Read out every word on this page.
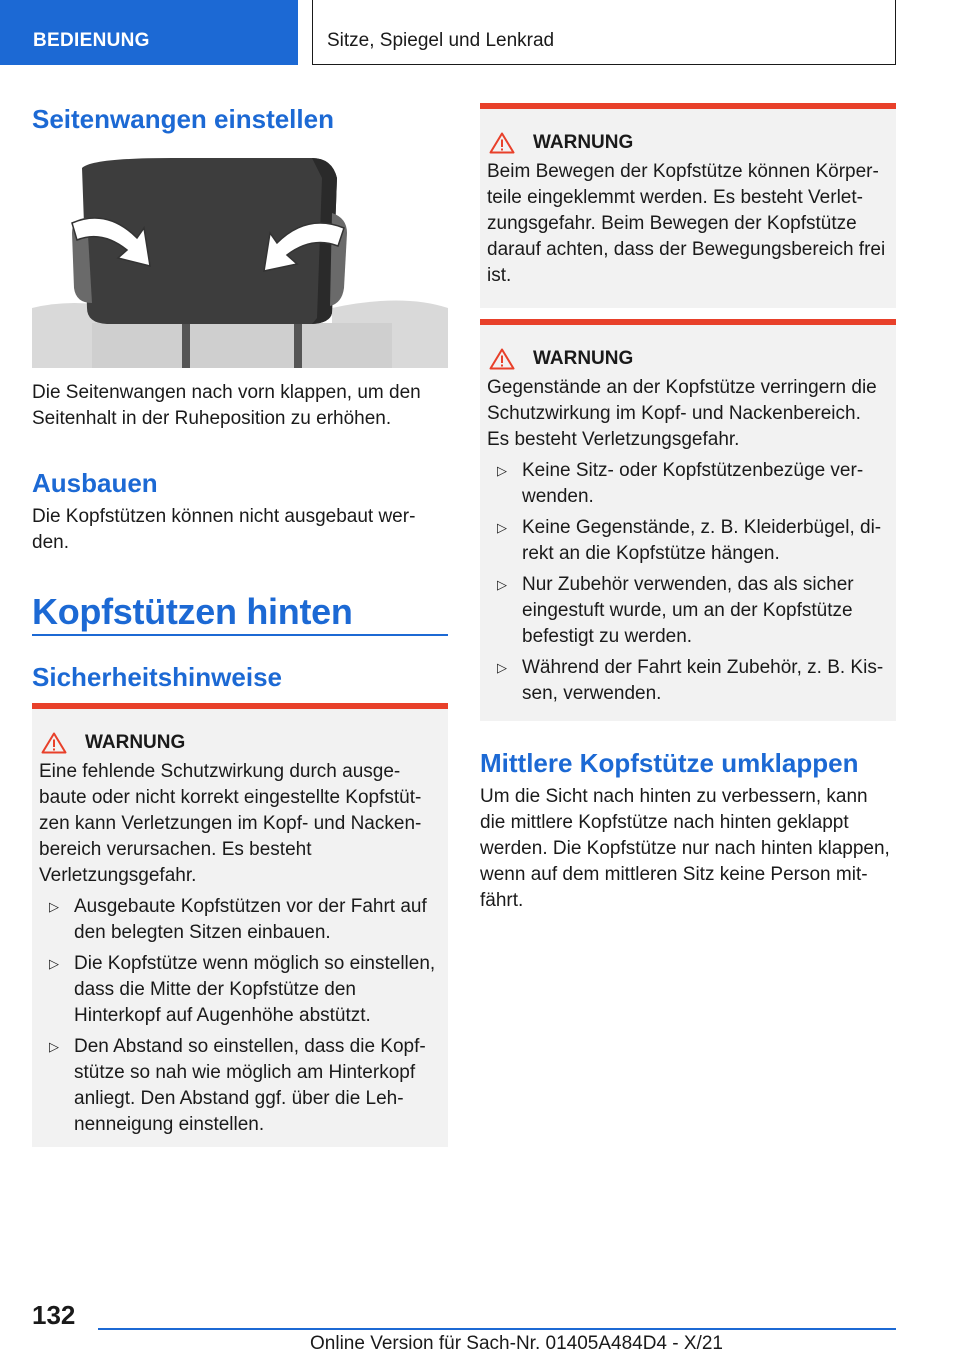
BEDIENUNG	Sitze, Spiegel und Lenkrad
Seitenwangen einstellen

Die Seitenwangen nach vorn klappen, um den Seitenhalt in der Ruheposition zu erhöhen.

Ausbauen

Die Kopfstützen können nicht ausgebaut werden.

Kopfstützen hinten
Sicherheitshinweise
WARNUNG

Eine fehlende Schutzwirkung durch ausgebaute oder nicht korrekt eingestellte Kopfstützen kann Verletzungen im Kopf- und Nackenbereich verursachen. Es besteht Verletzungsgefahr.

▷ Ausgebaute Kopfstützen vor der Fahrt auf den belegten Sitzen einbauen.
▷ Die Kopfstütze wenn möglich so einstellen, dass die Mitte der Kopfstütze den Hinterkopf auf Augenhöhe abstützt.
▷ Den Abstand so einstellen, dass die Kopfstütze so nah wie möglich am Hinterkopf anliegt. Den Abstand ggf. über die Lehnenneigung einstellen.
WARNUNG

Beim Bewegen der Kopfstütze können Körperteile eingeklemmt werden. Es besteht Verletzungsgefahr. Beim Bewegen der Kopfstütze darauf achten, dass der Bewegungsbereich frei ist.

WARNUNG

Gegenstände an der Kopfstütze verringern die Schutzwirkung im Kopf- und Nackenbereich. Es besteht Verletzungsgefahr.

▷ Keine Sitz- oder Kopfstützenbezüge verwenden.
▷ Keine Gegenstände, z. B. Kleiderbügel, direkt an die Kopfstütze hängen.
▷ Nur Zubehör verwenden, das als sicher eingestuft wurde, um an der Kopfstütze befestigt zu werden.
▷ Während der Fahrt kein Zubehör, z. B. Kissen, verwenden.
Mittlere Kopfstütze umklappen

Um die Sicht nach hinten zu verbessern, kann die mittlere Kopfstütze nach hinten geklappt werden. Die Kopfstütze nur nach hinten klappen, wenn auf dem mittleren Sitz keine Person mitfährt.

132
Online Version für Sach-Nr. 01405A484D4 - X/21
